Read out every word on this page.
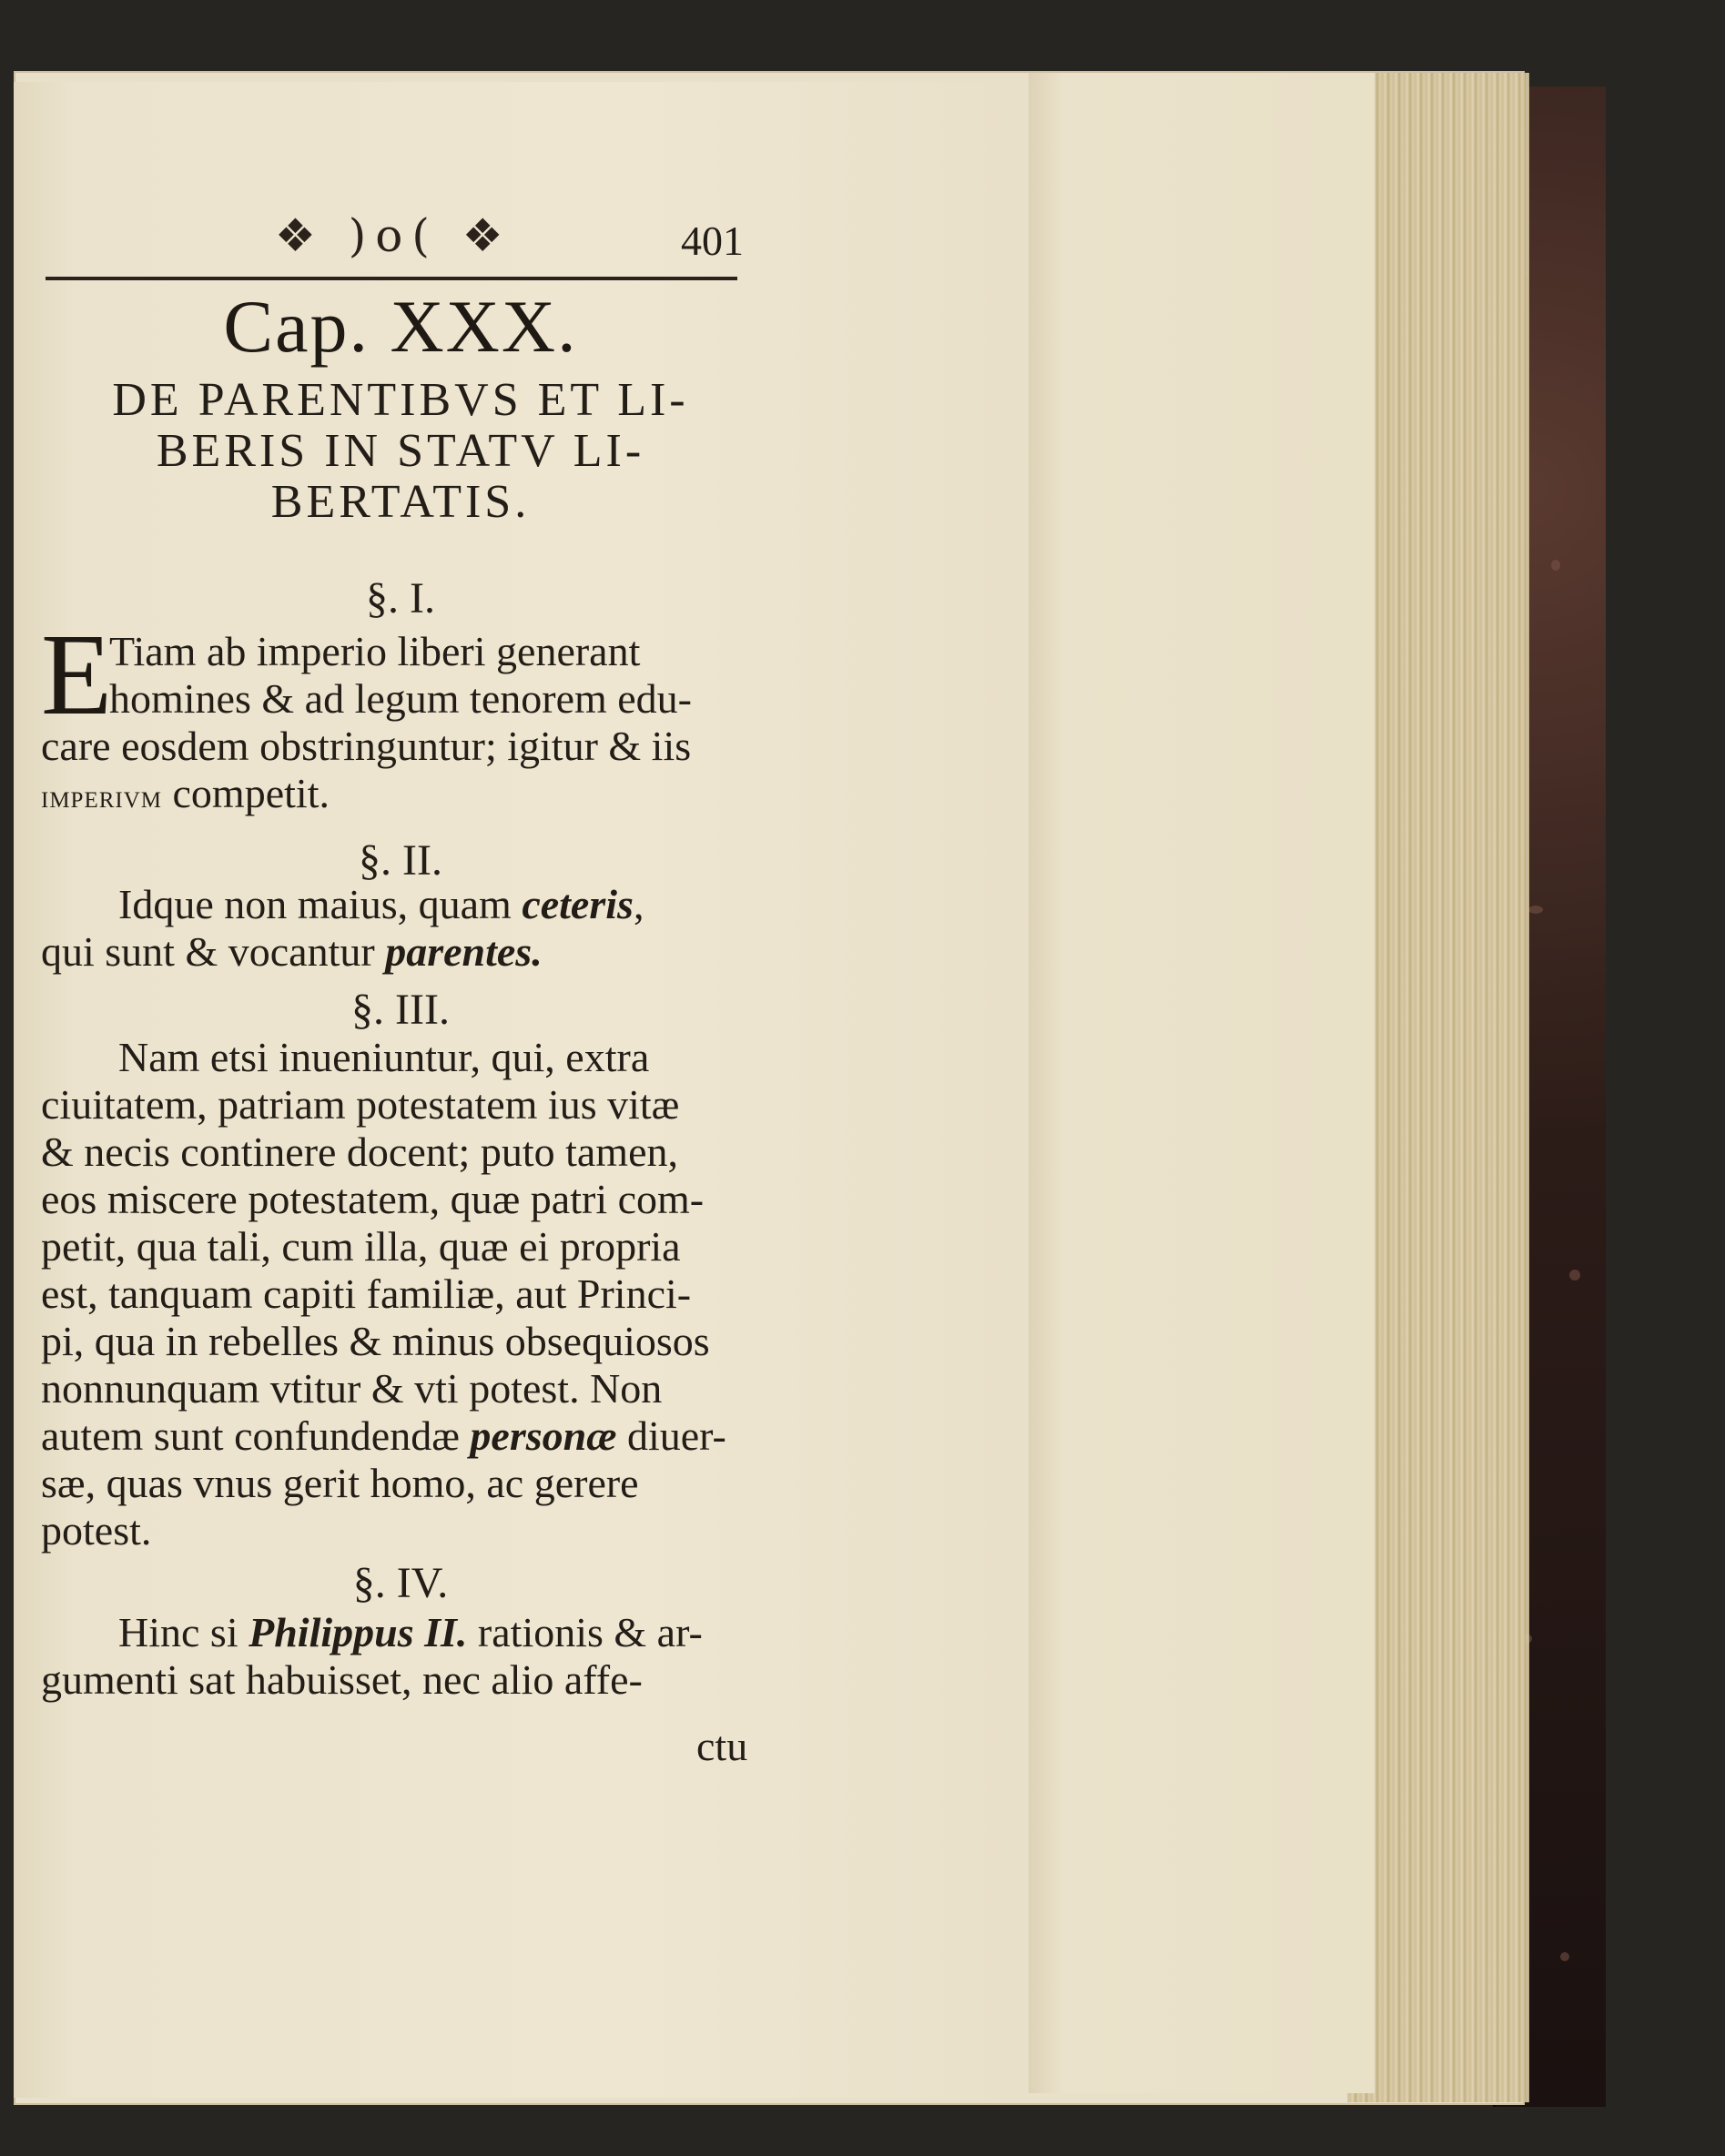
❖ )o( ❖	401
Cap. XXX.
DE PARENTIBVS ET LI-
BERIS IN STATV LI-
BERTATIS.
§. I.
E
Tiam ab imperio liberi generant
homines & ad legum tenorem edu-
care eosdem obstringuntur; igitur & iis
imperivm competit.
§. II.
Idque non maius, quam ceteris,
qui sunt & vocantur parentes.
§. III.
Nam etsi inueniuntur, qui, extra
ciuitatem, patriam potestatem ius vitæ
& necis continere docent; puto tamen,
eos miscere potestatem, quæ patri com-
petit, qua tali, cum illa, quæ ei propria
est, tanquam capiti familiæ, aut Princi-
pi, qua in rebelles & minus obsequiosos
nonnunquam vtitur & vti potest. Non
autem sunt confundendæ personæ diuer-
sæ, quas vnus gerit homo, ac gerere
potest.
§. IV.
Hinc si Philippus II. rationis & ar-
gumenti sat habuisset, nec alio affe-
ctu
